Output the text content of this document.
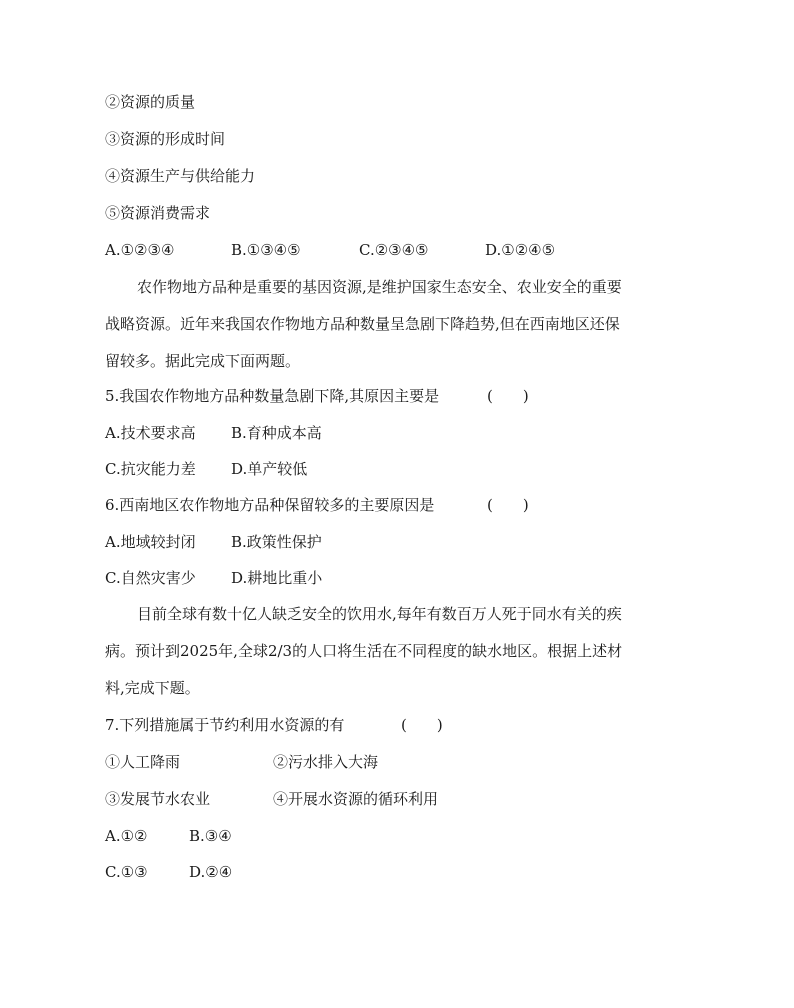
②资源的质量
③资源的形成时间
④资源生产与供给能力
⑤资源消费需求
A.①②③④	B.①③④⑤	C.②③④⑤	D.①②④⑤
农作物地方品种是重要的基因资源,是维护国家生态安全、农业安全的重要
战略资源。近年来我国农作物地方品种数量呈急剧下降趋势,但在西南地区还保
留较多。据此完成下面两题。
5.我国农作物地方品种数量急剧下降,其原因主要是	(　　)
A.技术要求高 B.育种成本高
C.抗灾能力差 D.单产较低
6.西南地区农作物地方品种保留较多的主要原因是	(　　)
A.地域较封闭 B.政策性保护
C.自然灾害少 D.耕地比重小
目前全球有数十亿人缺乏安全的饮用水,每年有数百万人死于同水有关的疾
病。预计到2025年,全球2/3的人口将生活在不同程度的缺水地区。根据上述材
料,完成下题。
7.下列措施属于节约利用水资源的有	(　　)
①人工降雨	②污水排入大海
③发展节水农业	④开展水资源的循环利用
A.①②	B.③④
C.①③	D.②④
